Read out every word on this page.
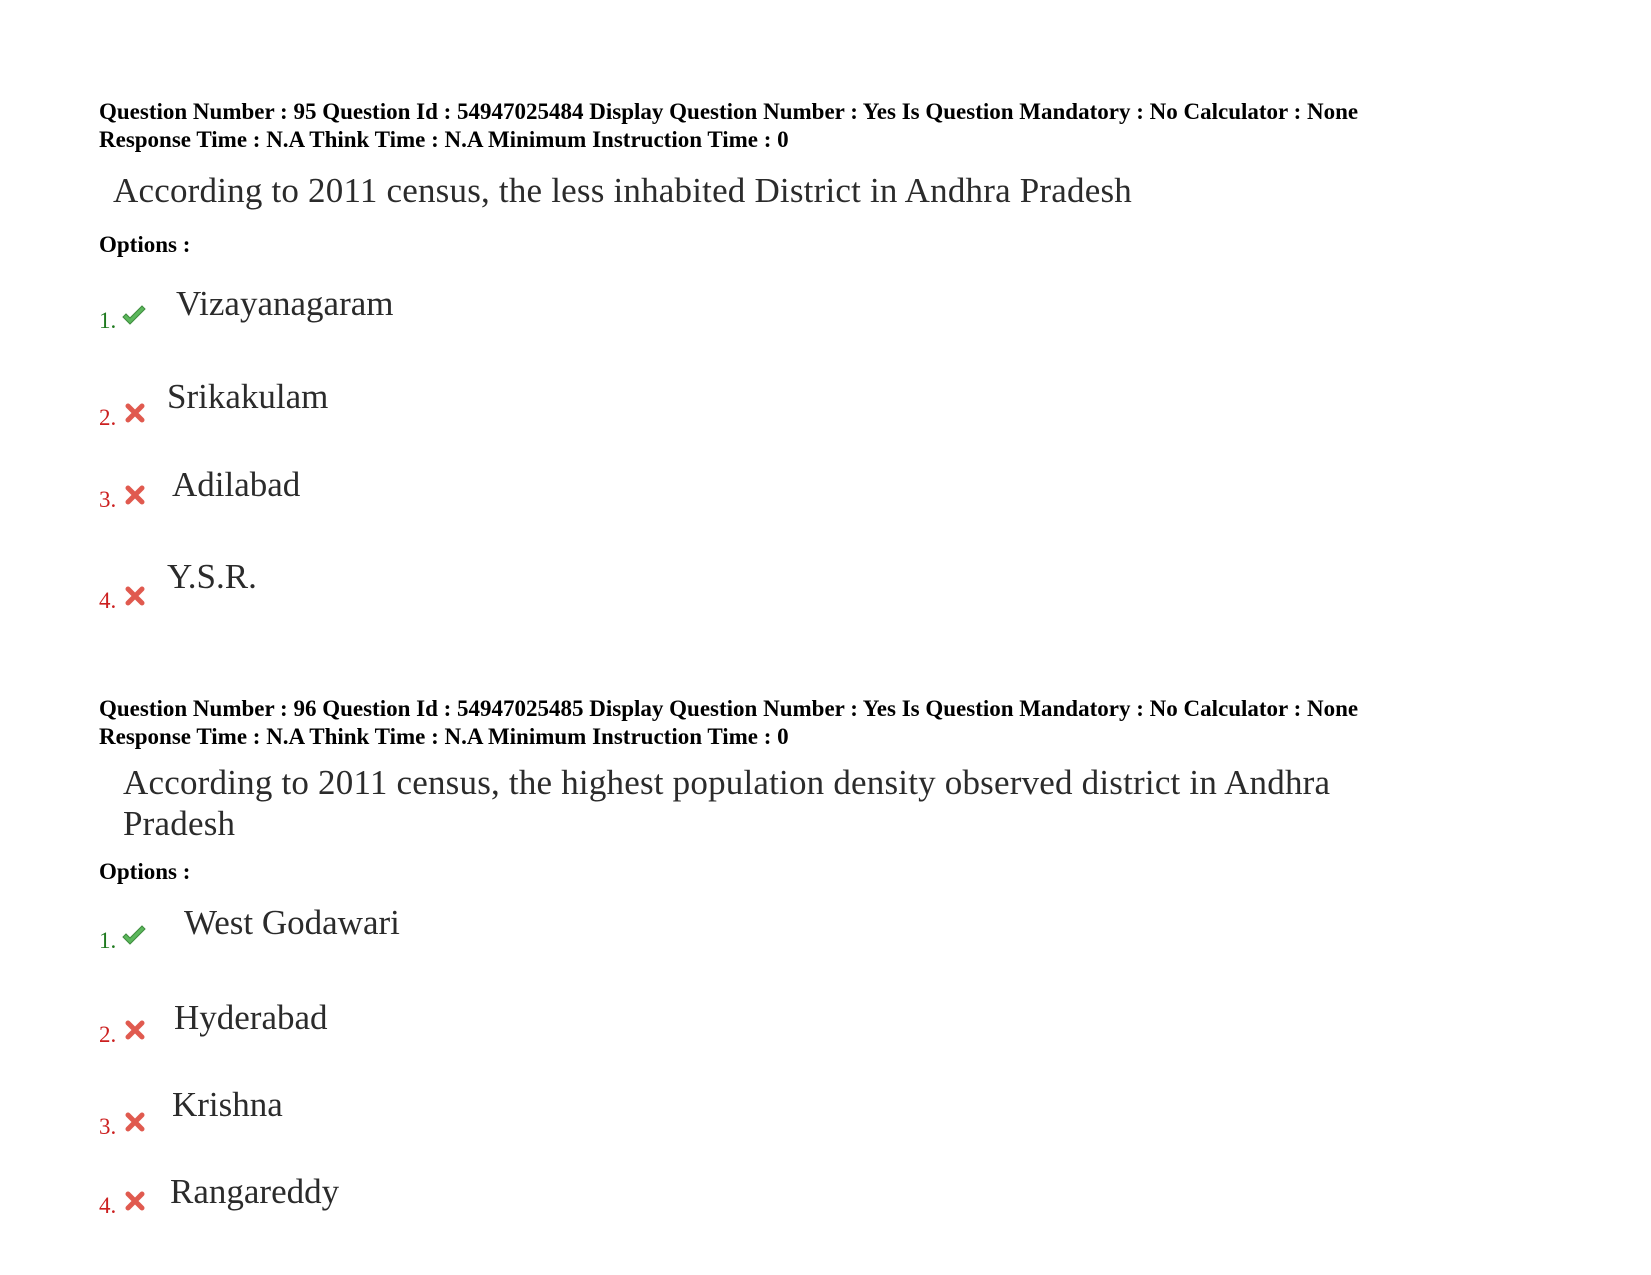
Question Number : 95 Question Id : 54947025484 Display Question Number : Yes Is Question Mandatory : No Calculator : None
Response Time : N.A Think Time : N.A Minimum Instruction Time : 0
According to 2011 census, the less inhabited District in Andhra Pradesh
Options :
1. Vizayanagaram
2.
Srikakulam
3. Adilabad
4.
Y.S.R.
Question Number : 96 Question Id : 54947025485 Display Question Number : Yes Is Question Mandatory : No Calculator : None
Response Time : N.A Think Time : N.A Minimum Instruction Time : 0
According to 2011 census, the highest population density observed district in Andhra
Pradesh
Options :
1. West Godawari
2. Hyderabad
3.
Krishna
4. Rangareddy
